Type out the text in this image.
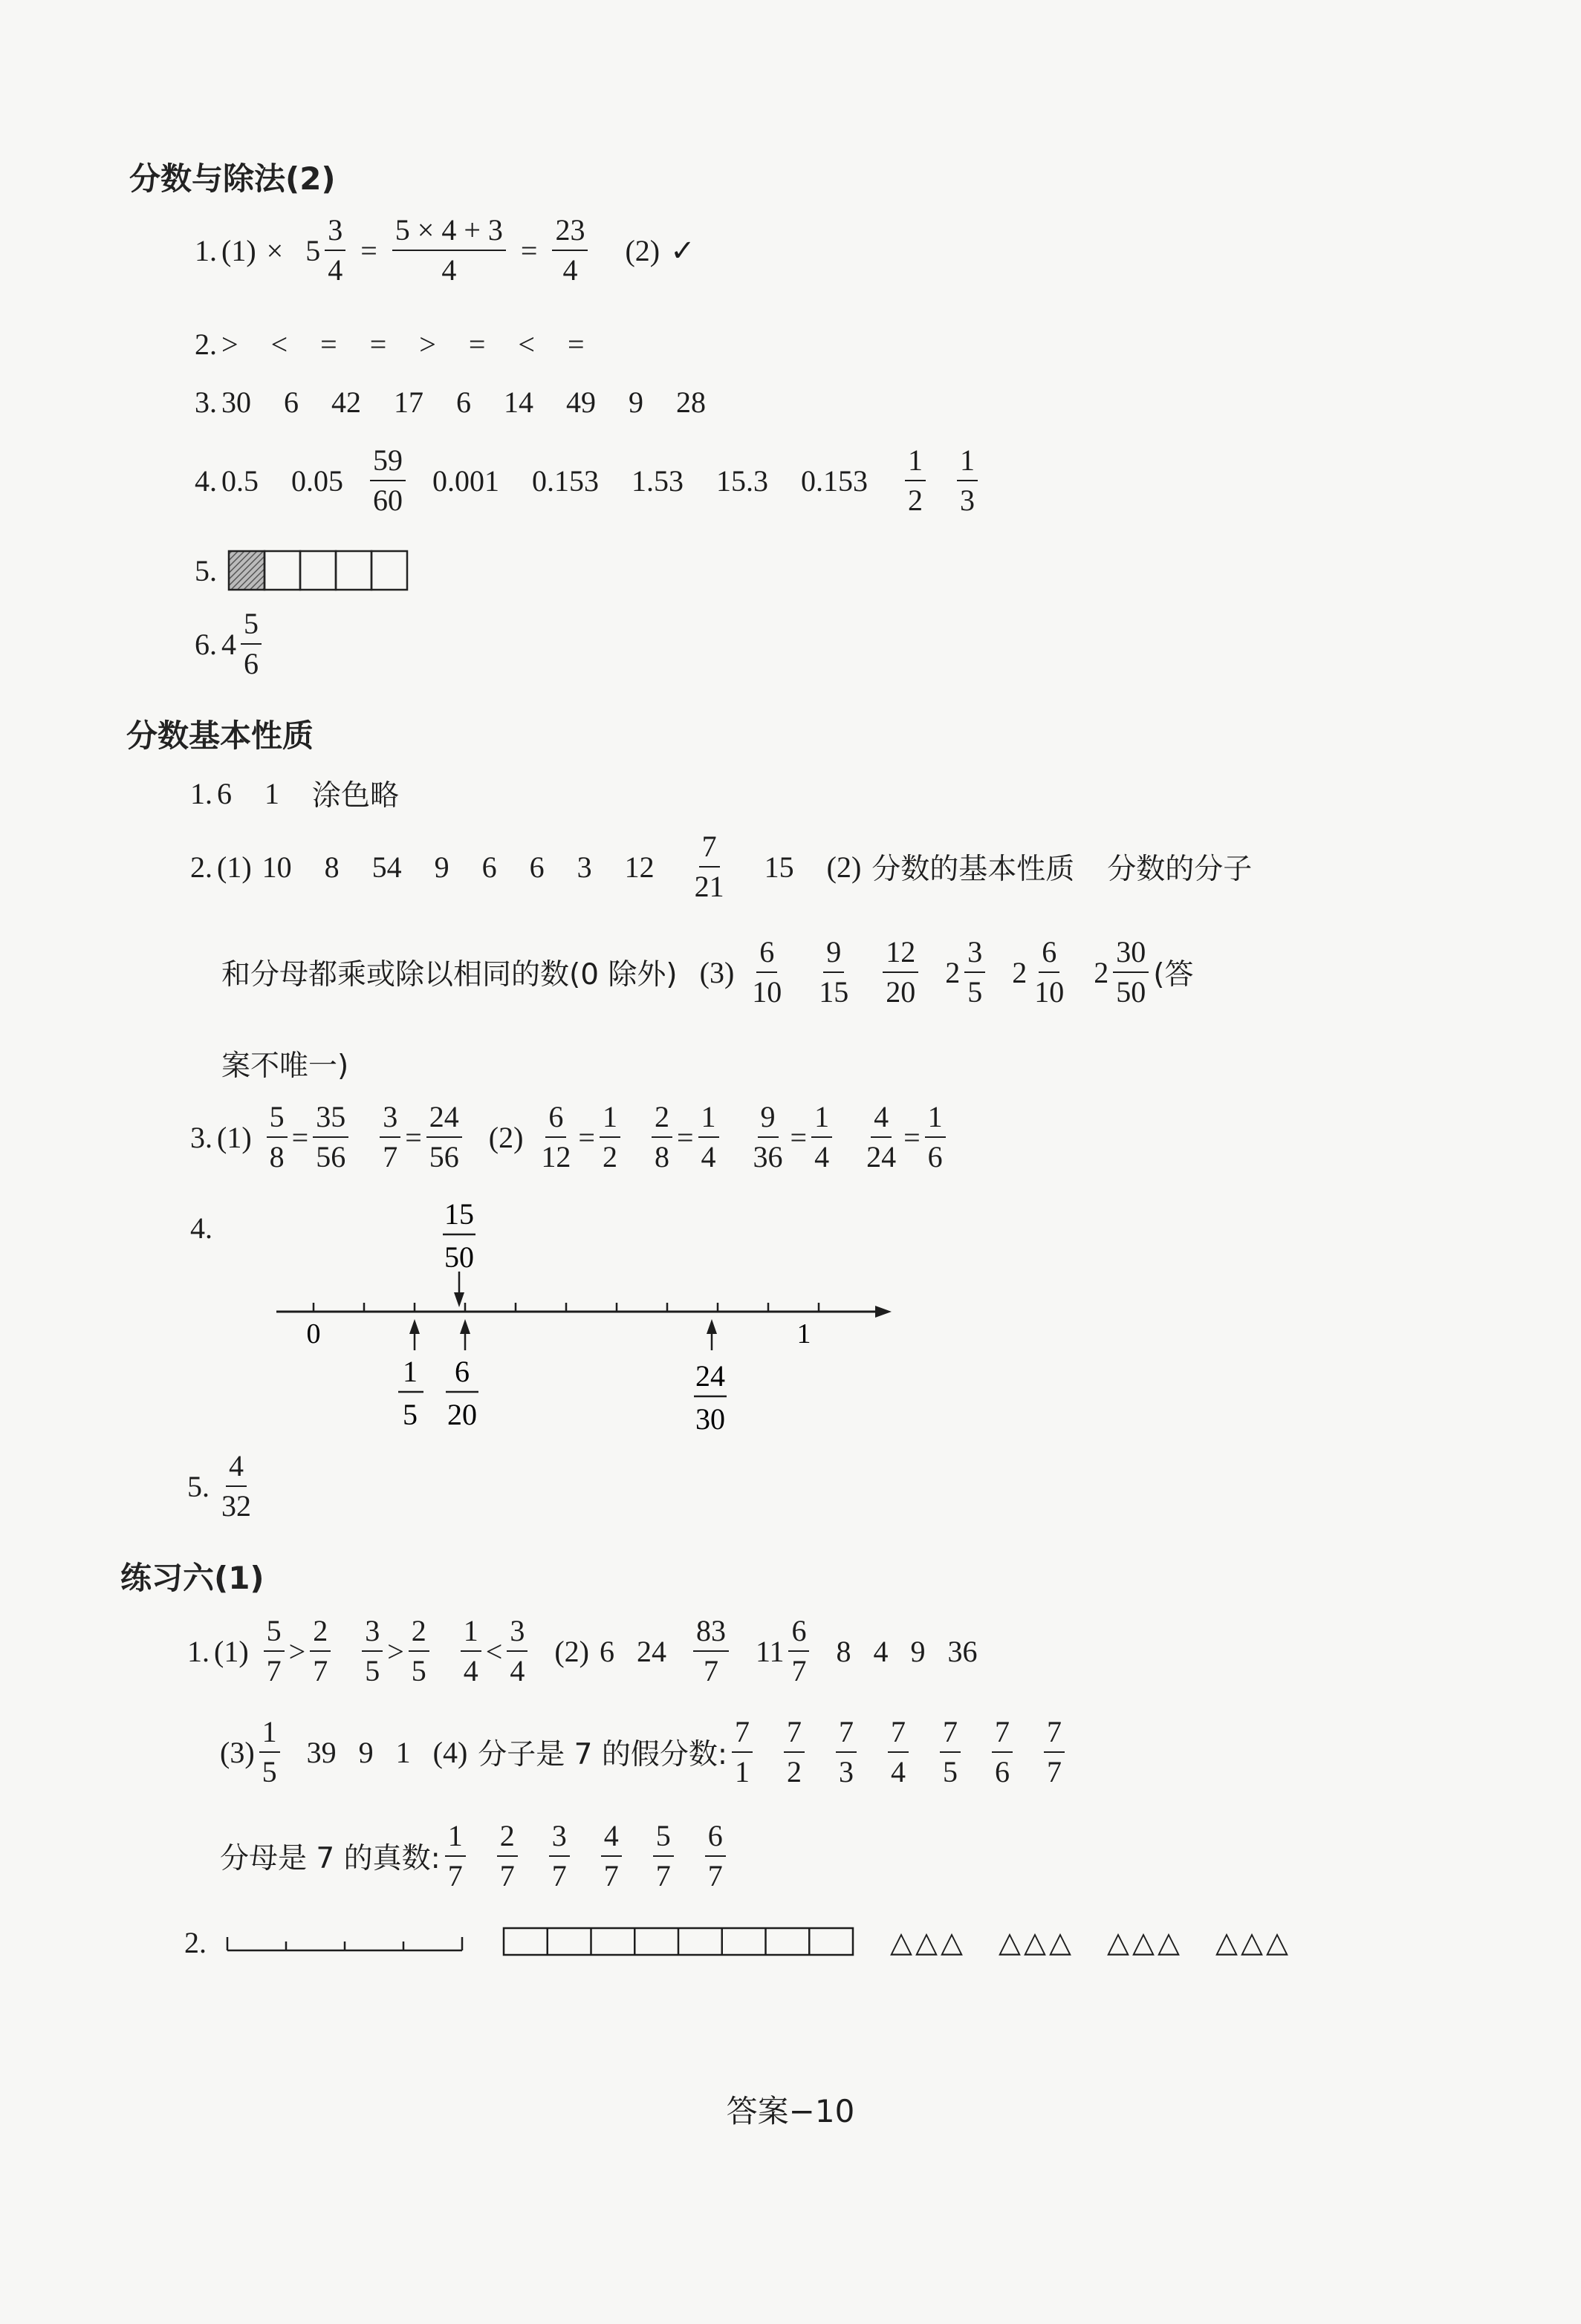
分数与除法(2)
1. $(1) \times 5 \frac{3}{4} = \frac{5 \times 4 + 3}{4} = \frac{23}{4} (2)$ ✓
2. > < = = > = < =
3. 30 6 42 17 6 14 49 9 28
4. 0.5 $0.05 \frac{59}{60} 0.001$ 0.153 1.53 15.3 $0.153 \frac{1}{2} \frac{1}{3}$
5.
6. $4 \frac{5}{6}$
分数基本性质
1. 6 1 涂色略
2. (1) 10 8 54 9 6 6 3 $12 \frac{7}{21} 15$ (2) 分数的基本性质 分数的分子
和分母都乘或除以相同的数(0 除外) $(3) \frac{6}{10} \frac{9}{15} \frac{12}{20} 2 \frac{3}{5} 2 \frac{6}{10} 2 \frac{30}{50}$ (答
案不唯一)
3. $(1) \frac{5}{8} = \frac{35}{56} \frac{3}{7} = \frac{24}{56} (2) \frac{6}{12} = \frac{1}{2} \frac{2}{8} = \frac{1}{4} \frac{9}{36} = \frac{1}{4} \frac{4}{24} = \frac{1}{6}$
4.	15
50
0	1
1
5
6
20
24
30
5. $\frac{4}{32}$
练习六(1)
1. $(1) \frac{5}{7} > \frac{2}{7} \frac{3}{5} > \frac{2}{5} \frac{1}{4} < \frac{3}{4} (2)$ 6 $24 \frac{83}{7} 11 \frac{6}{7} 8$ 4 9 36
$(3) \frac{1}{5} 39$ 9 1 (4) 分子是 7 的假分数: $\frac{7}{1} \frac{7}{2} \frac{7}{3} \frac{7}{4} \frac{7}{5} \frac{7}{6} \frac{7}{7}$
分母是 7 的真数: $\frac{1}{7} \frac{2}{7} \frac{3}{7} \frac{4}{7} \frac{5}{7} \frac{6}{7}$
2.	△△△ △△△ △△△ △△△
答案−10
